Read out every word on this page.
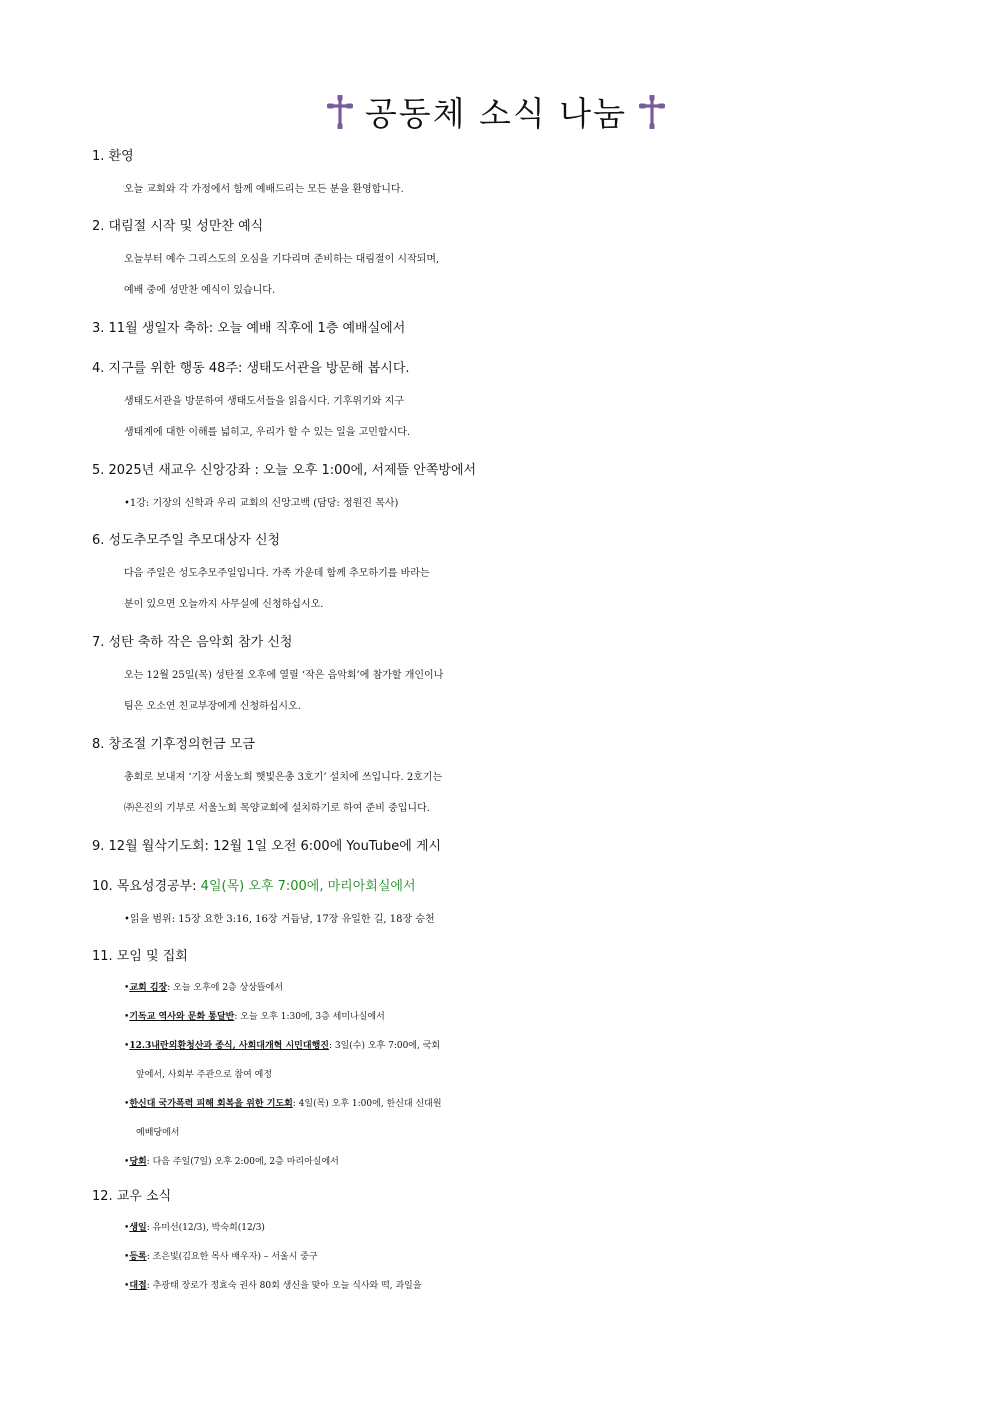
공동체 소식 나눔
1. 환영
오늘 교회와 각 가정에서 함께 예배드리는 모든 분을 환영합니다.
2. 대림절 시작 및 성만찬 예식
오늘부터 예수 그리스도의 오심을 기다리며 준비하는 대림절이 시작되며,
예배 중에 성만찬 예식이 있습니다.
3. 11월 생일자 축하: 오늘 예배 직후에 1층 예배실에서
4. 지구를 위한 행동 48주: 생태도서관을 방문해 봅시다.
생태도서관을 방문하여 생태도서들을 읽읍시다. 기후위기와 지구
생태계에 대한 이해를 넓히고, 우리가 할 수 있는 일을 고민합시다.
5. 2025년 새교우 신앙강좌 : 오늘 오후 1:00에, 서제뜰 안쪽방에서
•1강: 기장의 신학과 우리 교회의 신앙고백 (담당: 정원진 목사)
6. 성도추모주일 추모대상자 신청
다음 주일은 성도추모주일입니다. 가족 가운데 함께 추모하기를 바라는
분이 있으면 오늘까지 사무실에 신청하십시오.
7. 성탄 축하 작은 음악회 참가 신청
오는 12월 25일(목) 성탄절 오후에 열릴 ‘작은 음악회’에 참가할 개인이나
팀은 오소연 친교부장에게 신청하십시오.
8. 창조절 기후정의헌금 모금
총회로 보내져 ‘기장 서울노회 햇빛은총 3호기’ 설치에 쓰입니다. 2호기는
㈜은진의 기부로 서울노회 목양교회에 설치하기로 하여 준비 중입니다.
9. 12월 월삭기도회: 12월 1일 오전 6:00에 YouTube에 게시
10. 목요성경공부: 4일(목) 오후 7:00에, 마리아회실에서
•읽을 범위: 15장 요한 3:16, 16장 거듭남, 17장 유일한 길, 18장 승천
11. 모임 및 집회
•교회 김장: 오늘 오후에 2층 상상뜰에서
•기독교 역사와 문화 통달반: 오늘 오후 1:30에, 3층 세미나실에서
•12.3내란외환청산과 종식, 사회대개혁 시민대행진: 3일(수) 오후 7:00에, 국회
앞에서, 사회부 주관으로 참여 예정
•한신대 국가폭력 피해 회복을 위한 기도회: 4일(목) 오후 1:00에, 한신대 신대원
예배당에서
•당회: 다음 주일(7일) 오후 2:00에, 2층 마리아실에서
12. 교우 소식
•생일: 유미선(12/3), 박숙희(12/3)
•등록: 조은빛(김요한 목사 배우자) – 서울시 중구
•대접: 추광태 장로가 정효숙 권사 80회 생신을 맞아 오늘 식사와 떡, 과일을
